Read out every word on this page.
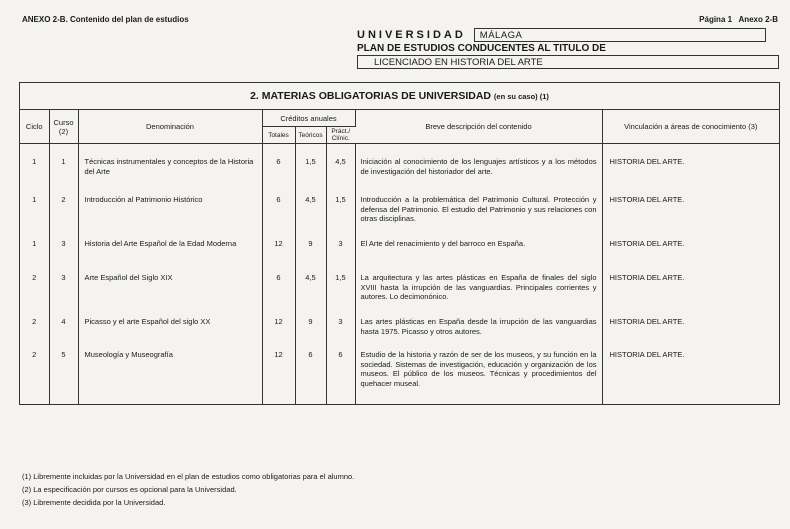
ANEXO 2-B. Contenido del plan de estudios	Página 1 Anexo 2-B
UNIVERSIDAD	MÁLAGA
PLAN DE ESTUDIOS CONDUCENTES AL TITULO DE
LICENCIADO EN HISTORIA DEL ARTE
2. MATERIAS OBLIGATORIAS DE UNIVERSIDAD (en su caso) (1)
Ciclo	Curso
(2)	Denominación	Créditos anuales			Breve descripción del contenido	Vinculación a áreas de conocimiento (3)
			Totales	Teóricos	Práct./ Clínic.		

1	1	Técnicas instrumentales y conceptos de la Historia del Arte	6	1,5	4,5	Iniciación al conocimiento de los lenguajes artísticos y a los métodos de investigación del historiador del arte.	HISTORIA DEL ARTE.
1	2	Introducción al Patrimonio Histórico	6	4,5	1,5	Introducción a la problemática del Patrimonio Cultural. Protección y defensa del Patrimonio. El estudio del Patrimonio y sus relaciones con otras disciplinas.	HISTORIA DEL ARTE.
1	3	Historia del Arte Español de la Edad Moderna	12	9	3	El Arte del renacimiento y del barroco en España.	HISTORIA DEL ARTE.
2	3	Arte Español del Siglo XIX	6	4,5	1,5	La arquitectura y las artes plásticas en España de finales del siglo XVIII hasta la irrupción de las vanguardias. Principales corrientes y autores. Lo decimonónico.	HISTORIA DEL ARTE.
2	4	Picasso y el arte Español del siglo XX	12	9	3	Las artes plásticas en España desde la irrupción de las vanguardias hasta 1975. Picasso y otros autores.	HISTORIA DEL ARTE.
2	5	Museología y Museografía	12	6	6	Estudio de la historia y razón de ser de los museos, y su función en la sociedad. Sistemas de investigación, educación y organización de los museos. El público de los museos. Técnicas y procedimientos del quehacer museal.	HISTORIA DEL ARTE.

(1) Libremente incluidas por la Universidad en el plan de estudios como obligatorias para el alumno.
(2) La especificación por cursos es opcional para la Universidad.
(3) Libremente decidida por la Universidad.
